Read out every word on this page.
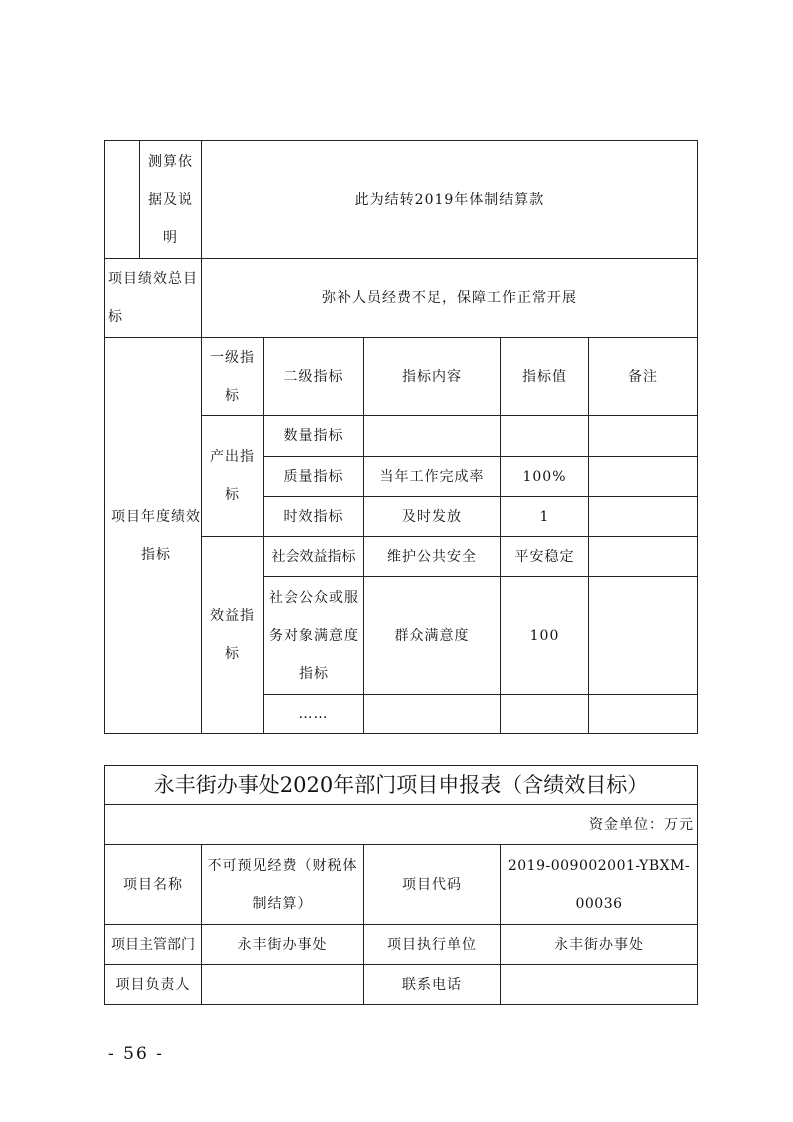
	测算依据及说明	此为结转2019年体制结算款				
项目绩效总目标		弥补人员经费不足，保障工作正常开展				
项目年度绩效指标		一级指标	二级指标	指标内容	指标值	备注
		产出指标	数量指标			
			质量指标	当年工作完成率	100%	
			时效指标	及时发放	1	
		效益指标	社会效益指标	维护公共安全	平安稳定	
			社会公众或服务对象满意度指标	群众满意度	100	
			……			
永丰街办事处2020年部门项目申报表（含绩效目标）			
资金单位：万元			
项目名称	不可预见经费（财税体制结算）	项目代码	2019-009002001-YBXM-00036
项目主管部门	永丰街办事处	项目执行单位	永丰街办事处
项目负责人		联系电话	
- 56 -
